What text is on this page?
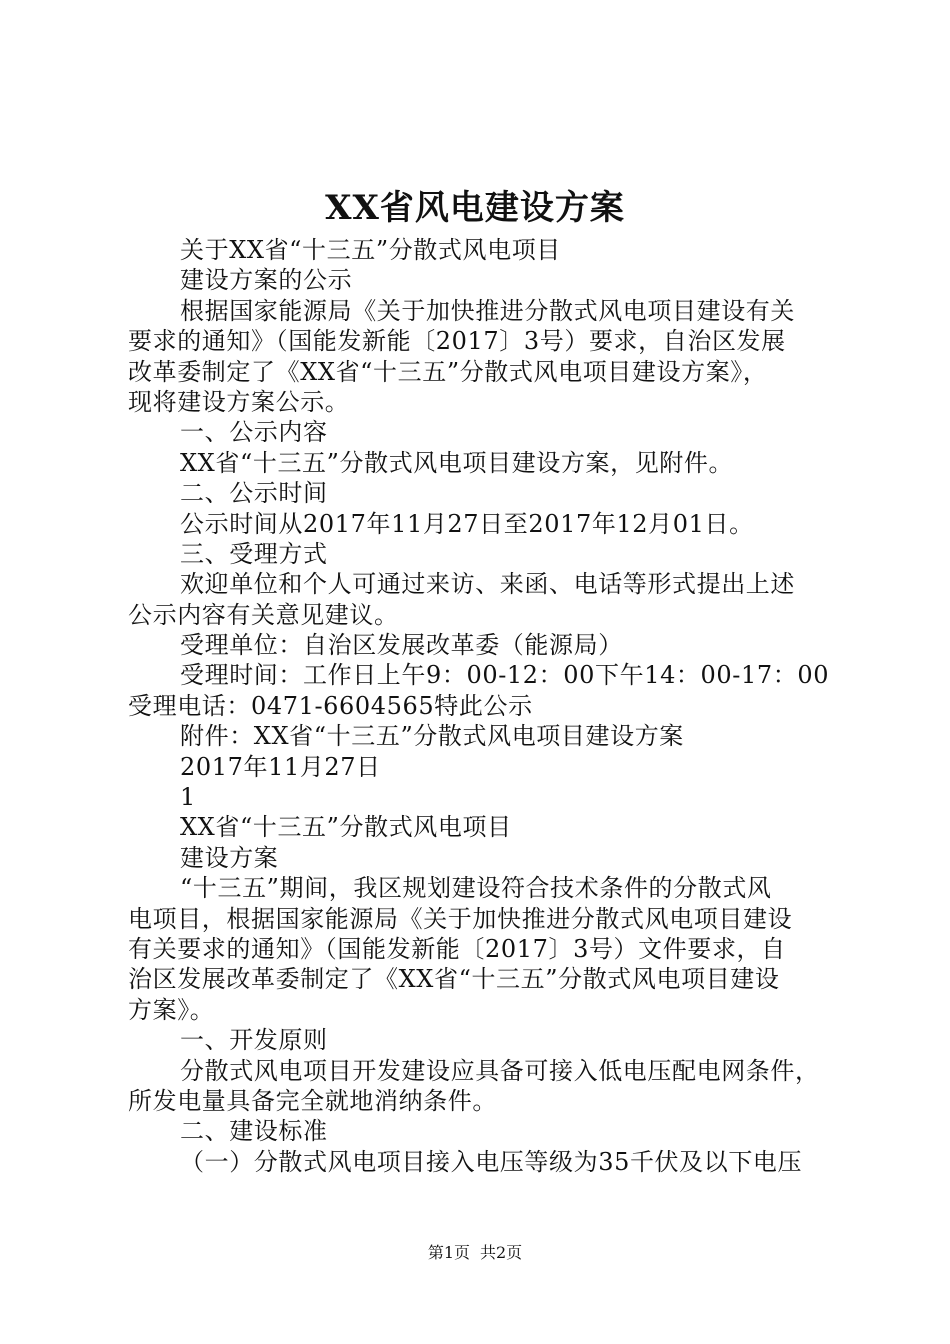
XX省风电建设方案
关于XX省“十三五”分散式风电项目
建设方案的公示
根据国家能源局《关于加快推进分散式风电项目建设有关
要求的通知》（国能发新能〔2017〕3号）要求，自治区发展
改革委制定了《XX省“十三五”分散式风电项目建设方案》，
现将建设方案公示。
一、公示内容
XX省“十三五”分散式风电项目建设方案，见附件。
二、公示时间
公示时间从2017年11月27日至2017年12月01日。
三、受理方式
欢迎单位和个人可通过来访、来函、电话等形式提出上述
公示内容有关意见建议。
受理单位：自治区发展改革委（能源局）
受理时间：工作日上午9：00-12：00下午14：00-17：00
受理电话：0471-6604565特此公示
附件：XX省“十三五”分散式风电项目建设方案
2017年11月27日
1
XX省“十三五”分散式风电项目
建设方案
“十三五”期间，我区规划建设符合技术条件的分散式风
电项目，根据国家能源局《关于加快推进分散式风电项目建设
有关要求的通知》（国能发新能〔2017〕3号）文件要求，自
治区发展改革委制定了《XX省“十三五”分散式风电项目建设
方案》。
一、开发原则
分散式风电项目开发建设应具备可接入低电压配电网条件，
所发电量具备完全就地消纳条件。
二、建设标准
（一）分散式风电项目接入电压等级为35千伏及以下电压
第1页 共2页
